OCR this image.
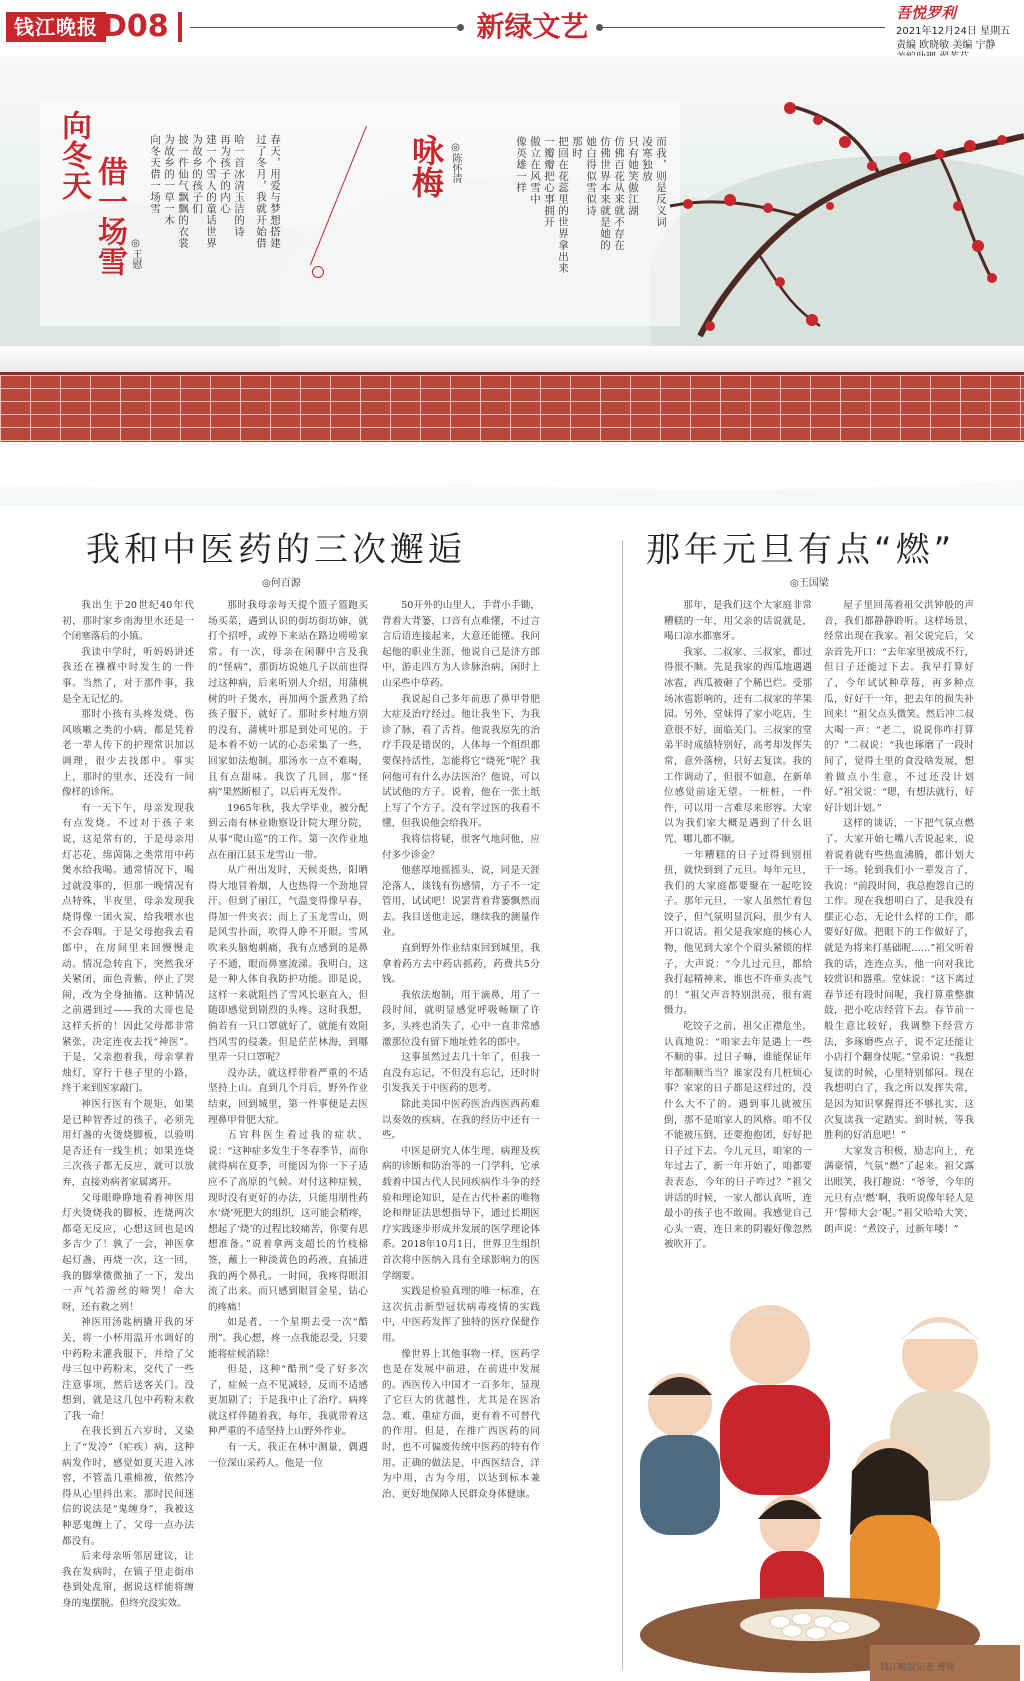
钱江晚报 D08	新绿文艺	吾悦罗利
2021年12月24日 星期五
责编 欧晓敏 美编 宁静
向冬天
借一场雪 ◎王慰
春天，用爱与梦想搭建
过了冬月，我就开始借
哈一首冰清玉洁的诗
再为孩子的内心
建一个雪人的童话世界
为故乡的孩子们
披一件仙气飘飘的衣裳
为故乡的一草一木
向冬天借一场雪	咏梅 ◎陈怀清	而我，则是反义词
凌寒独放
只有她笑傲江湖
仿佛百花从来就不存在
仿佛世界本来就是她的
她白得似雪似诗
那时
把回在花蕊里的世界拿出来
一瓣瓣把心事拥开
傲立在风雪中
像英雄一样
我和中医药的三次邂逅
◎何百源

我出生于20世纪40年代初，那时家乡南海里水还是一个闭塞落后的小镇。

我读中学时，听妈妈讲述我还在襁褓中时发生的一件事。当然了，对于那件事，我是全无记忆的。

那时小孩有头疼发烧、伤风咳嗽之类的小病，都是凭着老一辈人传下的护理常识加以调理，很少去找郎中。事实上，那时的里水，还没有一间像样的诊所。

有一天下午，母亲发现我有点发烧。不过对于孩子来说，这是常有的，于是母亲用灯芯花、绵茵陈之类常用中药煲水给我喝。通常情况下，喝过就没事的，但那一晚情况有点特殊，半夜里，母亲发现我烧得像一团火炭，给我喂水也不会吞咽。于是父母抱我去看郎中，在房间里来回慢慢走动。情况急转直下，突然我牙关紧闭，面色青紫，停止了哭闹，改为全身抽搐。这种情况之前遇到过——我的大哥也是这样夭折的！因此父母都非常紧张，决定连夜去找“神医”。于是，父亲抱着我，母亲掌着烛灯，穿行于巷子里的小路，终于来到医家敲门。

神医行医有个规矩，如果是已种智香过的孩子，必须先用灯盏的火烫烧脚板，以验明是否还有一线生机；如果连烧三次孩子都无反应，就可以放弃，直接劝病者家属离开。

父母眼睁睁地看着神医用灯火烫烧我的脚板，连烧两次都毫无反应，心想这回也是凶多吉少了！孰了一会，神医拿起灯盏，再烧一次，这一回，我的脚掌微微抽了一下，发出一声气若游丝的啼哭！命大呀，还有救之列！

神医用汤匙柄撬开我的牙关，将一小杯用温开水调好的中药粉末灌我服下，并给了父母三包中药粉末，交代了一些注意事项，然后送客关门。没想到，就是这几包中药粉末救了我一命！

在我长到五六岁时，又染上了“发冷”（疟疾）病，这种病发作时，感觉如夏天进入冰窖，不管盖几重棉被，依然冷得从心里抖出来。那时民间迷信的说法是“鬼缠身”，我被这种恶鬼缠上了，父母一点办法都没有。

后来母亲听邻居建议，让我在发病时，在镇子里走街串巷到处乱窜，据说这样能将缠身的鬼摆脱。但终究没实效。

那时我母亲每天提个篮子篮跑买场买菜，遇到认识的街坊街坊婶，就打个招呼，或停下来站在路边唠唠家常。有一次，母亲在闲聊中言及我的“怪病”，那街坊说她几子以前也得过这种病，后来听别人介绍，用蒲桃树的叶子煲水，再加两个蛋煮熟了给孩子服下，就好了。那时乡村地方别的没有，蒲桃叶那是到处可见的。于是本着不妨一试的心态采集了一些，回家如法炮制。那汤水一点不难喝，且有点甜味。我饮了几回，那“怪病”果然断根了，以后再无发作。

1965年秋，我大学毕业，被分配到云南有林业勘察设计院大理分院，从事“爬山巡”的工作。第一次作业地点在丽江县玉龙雪山一带。

从广州出发时，天候炎热，阳晒得大地冒着烟，人也热得一个劲地冒汗。但到了丽江，气温变得像早春，得加一件夹衣；而上了玉龙雪山，则是风雪扑面，吹得人睁不开眼。雪风吹来头脑炮刺痛，我有点感到的是鼻子不通，眼而鼻塞流涕。我明白，这是一种人体自我防护功能。即是说，这样一来就阻挡了雪风长驱直入，但随即感觉到剧烈的头疼。这时我想，倘若有一只口罩就好了，就能有效阻挡风雪的侵袭。但是茫茫林海，到哪里弄一只口罩呢？

没办法，就这样带着严重的不适坚持上山。直到几个月后，野外作业结束，回到城里，第一件事便是去医理鼻甲骨肥大症。

五官科医生看过我的症状，说：“这种症多发生于冬春季节，而你就得病在夏季，可能因为你一下子适应不了高原的气候。对付这种症候，现时没有更好的办法，只能用朋性药水‘烧’死肥大的组织，这可能会稍疼，想起了‘烧’的过程比较痛苦，你要有思想准备。”说着拿两支超长的竹枝棉签，蘸上一种淡黄色的药液，直插进我的两个鼻孔。一时间，我疼得眼泪流了出来。而只感到眼冒金星，钻心的疼痛！

如是者，一个星期去受一次“酷刑”。我心想，疼一点我能忍受，只要能将症候消除！

但是，这种“酷刑”受了好多次了，症候一点不见减轻，反而不适感更加剧了；于是我中止了治疗。病疼就这样伴随着我，每年，我就带着这种严重的不适坚持上山野外作业。

有一天，我正在林中测量，偶遇一位深山采药人。他是一位

50开外的山里人，手背小手锄，背着大背篓，口音有点难懂，不过言言后语连接起来，大意还能懂。我问起他的职业生涯，他说自己是济方郎中，游走四方为人诊脉治病，闲时上山采些中草药。

我说起自己多年前患了鼻甲骨肥大症及治疗经过。他让我坐下，为我诊了脉，看了舌苔。他说我原先的治疗手段是错误的，人体每一个组织都要保持活性，怎能将它“烧死”呢？我问他可有什么办法医治？他说，可以试试他的方子。说着，他在一张土纸上写了个方子。没有学过医的我看不懂，但我说他会给我开。

我将信将疑，很客气地问他，应付多少诊金？

他慈厚地摇摇头，说，同是天涯沦落人，谈钱有伤感情，方子不一定管用，试试吧！说罢背着背篓飘然而去。我目送他走远，继续我的测量作业。

直到野外作业结束回到城里，我拿着药方去中药店抓药，药费共5分钱。

我依法炮制，用于滴鼻，用了一段时间，就明显感觉呼吸畅顺了许多，头疼也消失了，心中一直非常感激那位没有留下地址姓名的郎中。

这事虽然过去几十年了，但我一直没有忘记，不但没有忘记，还时时引发我关于中医药的思考。

除此美国中医药医治西医西药难以奏效的疾病，在我的经历中还有一些。

中医是研究人体生理、病理及疾病的诊断和防治等的一门学科，它承载着中国古代人民同疾病作斗争的经验和理论知识，是在古代朴素的唯物论和辩证法思想指导下，通过长期医疗实践逐步形成并发展的医学理论体系。2018年10月1日，世界卫生组织首次将中医纳入具有全球影响力的医学纲要。

实践是检验真理的唯一标准，在这次抗击新型冠状病毒疫情的实践中，中医药发挥了独特的医疗保健作用。

像世界上其他事物一样，医药学也是在发展中前进，在前进中发展的。西医传入中国才一百多年，显现了它巨大的优越性，尤其是在医治急、难、重症方面，更有着不可替代的作用。但是，在推广西医药的同时，也不可偏废传统中医药的特有作用。正确的做法是，中西医结合，洋为中用，古为今用，以达到标本兼治、更好地保障人民群众身体健康。

那年元旦有点“燃”
◎王国梁

那年，是我们这个大家庭非常糟糕的一年，用父亲的话说就是，喝口凉水都塞牙。

我家、二叔家、三叔家，都过得很不顺。先是我家的西瓜地遇遇冰雹，西瓜被砸了个稀巴烂。受那场冰雹影响的，还有二叔家的苹果园。另外，堂妹得了家小吃店，生意很不好，面临关门。三叔家的堂弟半时成绩特别好，高考却发挥失常，意外落榜，只好去复读。我的工作调动了，但很不如意，在新单位感觉前途无望。一桩桩，一件件，可以用一言难尽来形容。大家以为我们家大概是遇到了什么诅咒，哪儿都不顺。

一年糟糕的日子过得到别扭扭，就快到到了元旦。每年元旦，我们的大家庭都要聚在一起吃饺子。那年元旦，一家人虽然忙着包饺子，但气氛明显沉闷，很少有人开口说话。祖父是我家庭的核心人物，他见到大家个个眉头紧锁的样子，大声说：“今儿过元旦，都给我打起精神来，谁也不许垂头丧气的！”祖父声音特别洪亮，很有震慑力。

吃饺子之前，祖父正襟危坐，认真地说：“咱家去年是遇上一些不顺的事。过日子嘛，谁能保证年年都顺顺当当？谁家没有几桩烦心事？家家的日子都是这样过的，没什么大不了的。遇到事儿就被压倒，那不是咱家人的风格。咱不仅不能被压倒，还要抱抱团，好好把日子过下去。今儿元旦，咱家的一年过去了，新一年开始了，咱都要表表态，今年的日子咋过？”祖父讲话的时候，一家人都认真听，连最小的孩子也不敢闹。我感觉自己心头一震，连日来的阴霾好像忽然被吹开了。

屋子里回荡着祖父洪钟般的声音，我们都静静聆听。这样场景，经常出现在我家。祖父说完后，父亲首先开口：“去年家里被成不行，但日子还能过下去。我早打算好了，今年试试种草莓，再多种点瓜，好好干一年，把去年的损失补回来！”祖父点头微笑。然后冲二叔大喝一声：“老二，说说你咋打算的？”二叔说：“我也琢磨了一段时间了，觉得土里的食没啥发展，想着做点小生意，不过还没计划好。”祖父说：“嗯，有想法就行，好好计划计划。”

这样的谈话，一下把气氛点燃了。大家开始七嘴八舌说起来，说着说着就有些热血沸腾，都计划大干一场。轮到我们小一辈发言了，我说：“前段时间，我总抱怨自己的工作。现在我想明白了，是我没有摆正心态，无论什么样的工作，都要好好做。把眼下的工作做好了，就是为将来打基础呢……”祖父听着我的话，连连点头，他一向对我比较赏识和器重。堂妹说：“这下离过春节还有段时间呢，我打算重整旗鼓，把小吃店经营下去。春节前一般生意比较好，我调整下经营方法，多琢磨些点子，说不定还能让小店打个翻身仗呢。”堂弟说：“我想复读的时候，心里特别郁闷。现在我想明白了，我之所以发挥失常，是因为知识掌握得还不够扎实，这次复读我一定踏实。到时候，等我胜利的好消息吧！”

大家发言积极，励志向上，充满豪情，气氛“燃”了起来。祖父露出眼笑，我打趣说：“爷爷，今年的元旦有点‘燃’啊，我听说像年轻人是开‘誓师大会’呢。”祖父哈哈大笑，朗声说：“煮饺子，过新年喽！”

钱江晚报记者 蒋琦
